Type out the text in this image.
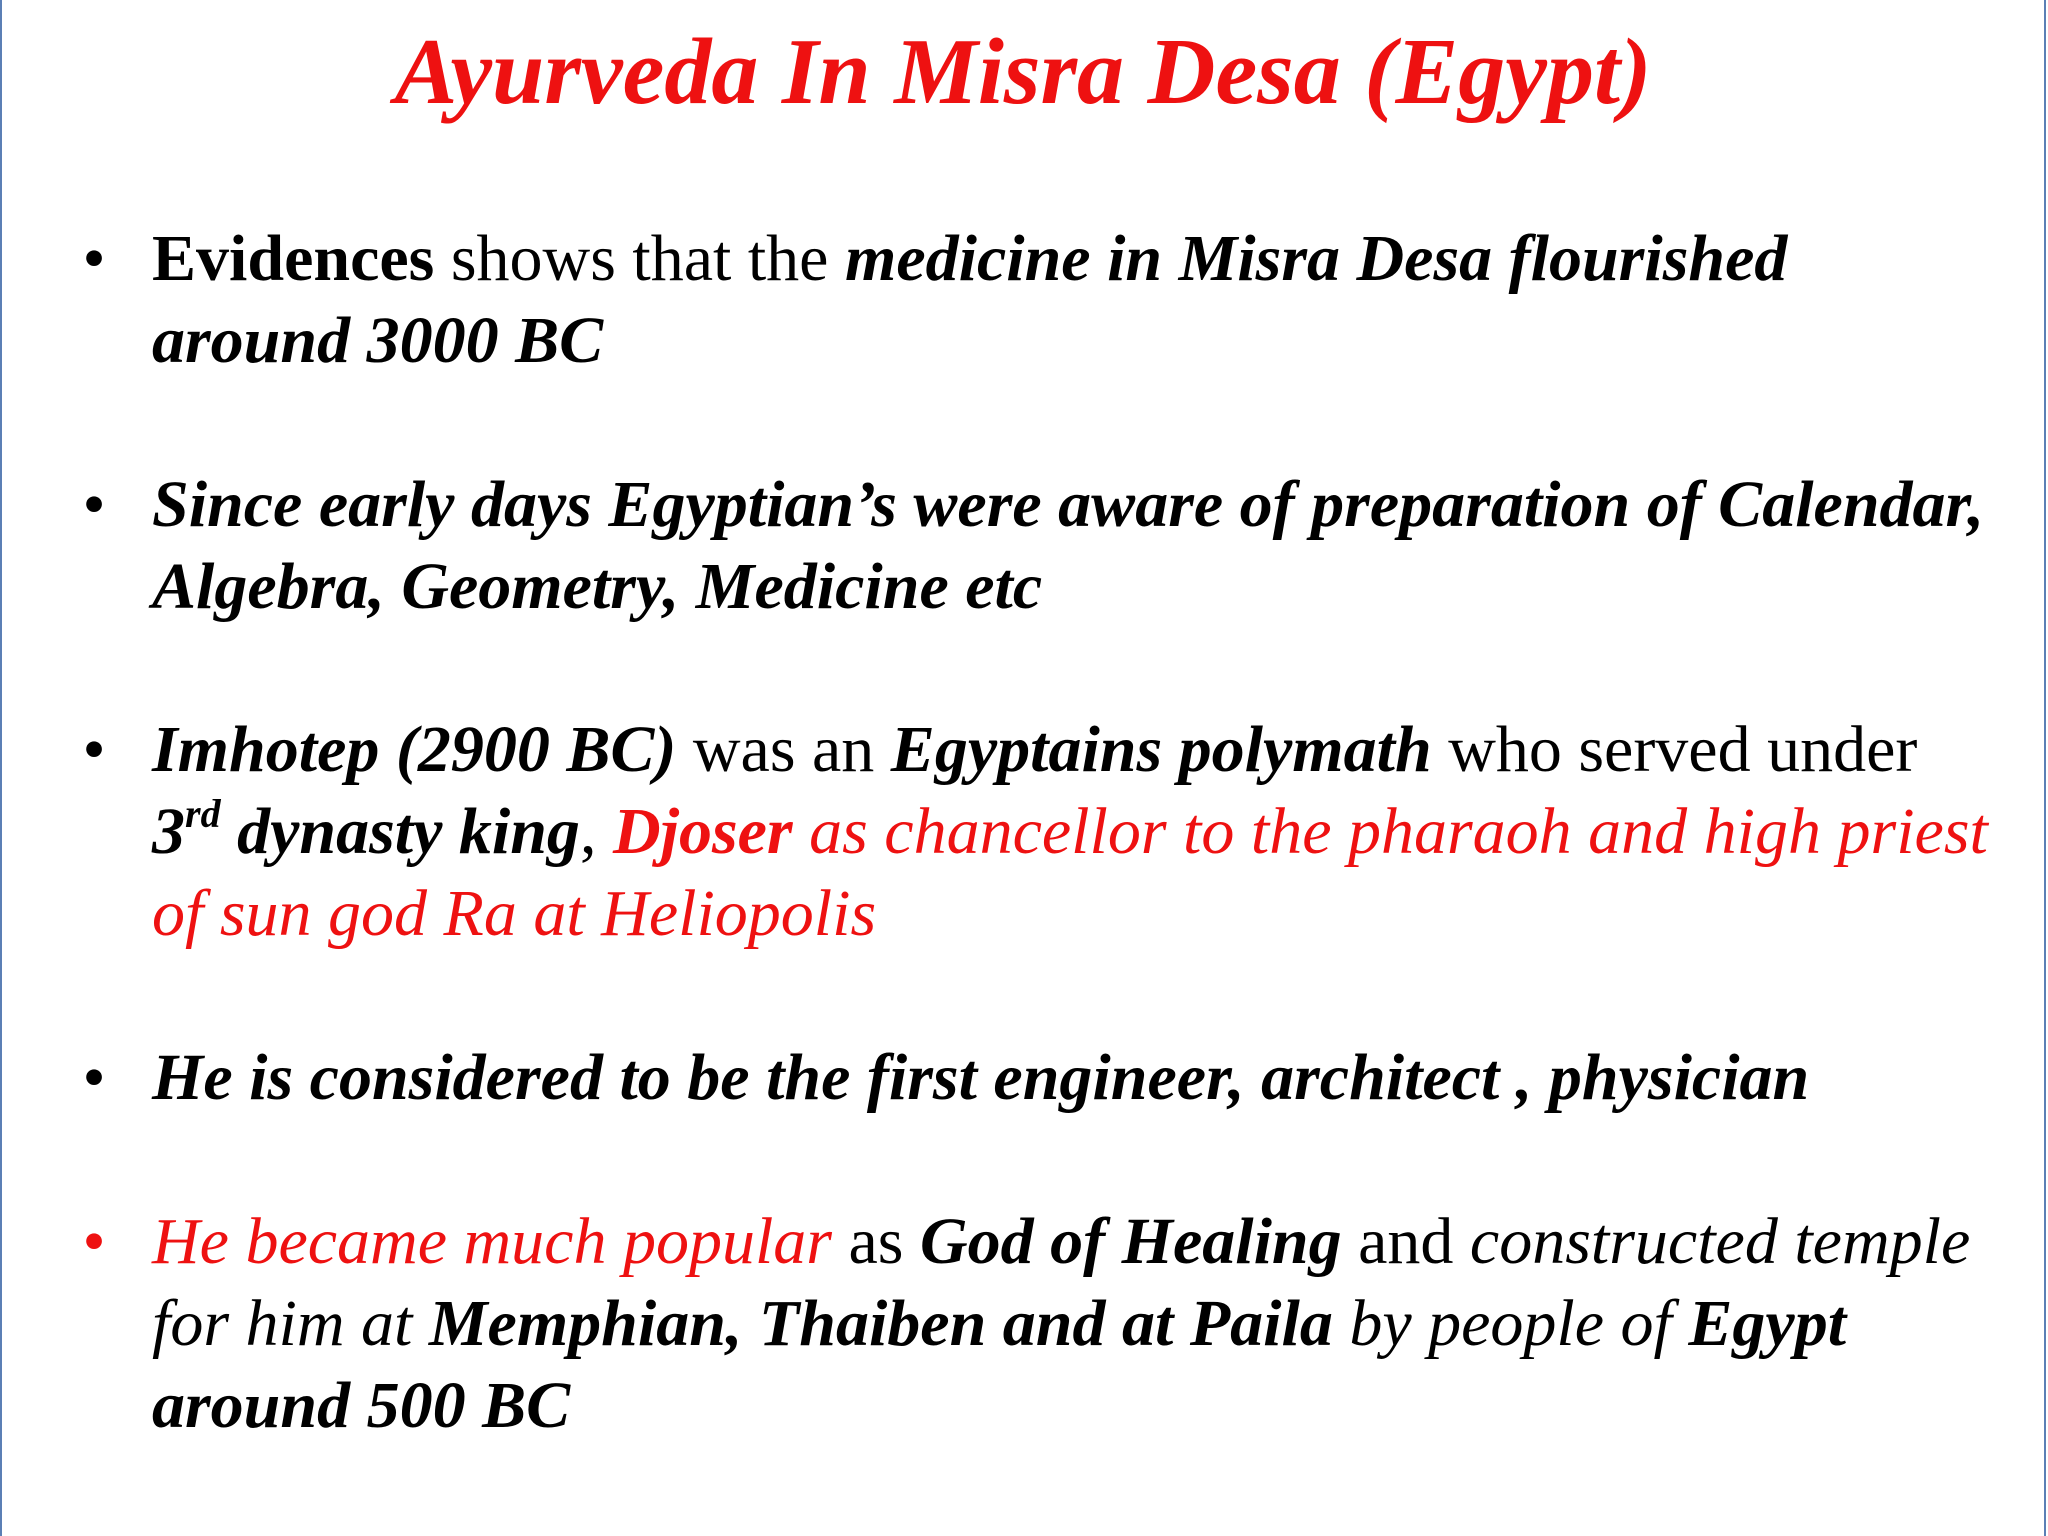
Ayurveda In Misra Desa (Egypt)
• Evidences shows that the medicine in Misra Desa flourished around 3000 BC
• Since early days Egyptian’s were aware of preparation of Calendar, Algebra, Geometry, Medicine etc
• Imhotep (2900 BC) was an Egyptains polymath who served under 3rd dynasty king, Djoser as chancellor to the pharaoh and high priest of sun god Ra at Heliopolis
• He is considered to be the first engineer, architect , physician
• He became much popular as God of Healing and constructed temple for him at Memphian, Thaiben and at Paila by people of Egypt around 500 BC
